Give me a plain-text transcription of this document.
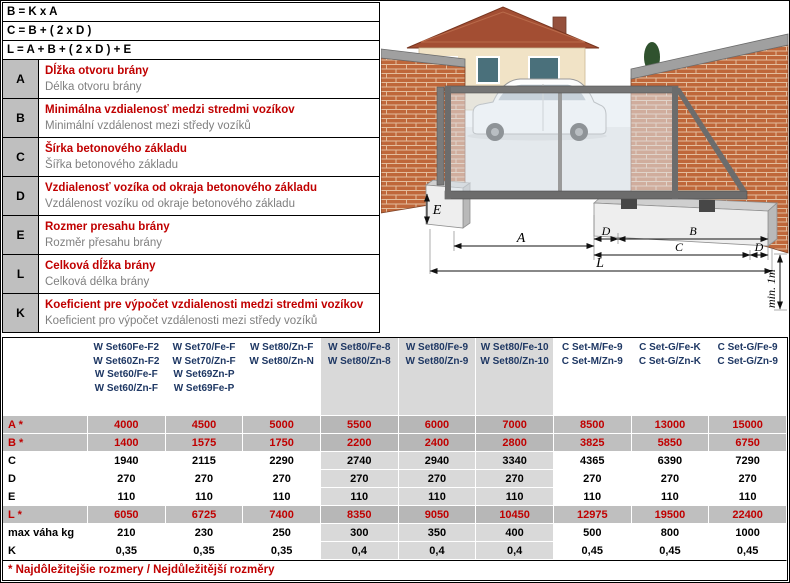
B = K x A	
C = B + ( 2 x D )	
L = A + B + ( 2 x D ) + E	
A	Dĺžka otvoru brány
Délka otvoru brány

B	Minimálna vzdialenosť medzi stredmi vozíkov
Minimální vzdálenost mezi středy vozíků

C	Šírka betonového základu
Šířka betonového základu

D	Vzdialenosť vozíka od okraja betonového základu
Vzdálenost vozíku od okraje betonového základu

E	Rozmer presahu brány
Rozměr přesahu brány

L	Celková dĺžka brány
Celková délka brány

K	Koeficient pre výpočet vzdialenosti medzi stredmi vozíkov
Koeficient pro výpočet vzdálenosti mezi středy vozíků
E
A	D	B
C	D
L
min. 1m

W Set60Fe-F2
W Set60Zn-F2
W Set60/Fe-F
W Set60/Zn-F

W Set70/Fe-F
W Set70/Zn-F
W Set69Zn-P
W Set69Fe-P

W Set80/Zn-F
W Set80/Zn-N

W Set80/Fe-8
W Set80/Zn-8

W Set80/Fe-9
W Set80/Zn-9

W Set80/Fe-10
W Set80/Zn-10

C Set-M/Fe-9
C Set-M/Zn-9

C Set-G/Fe-K
C Set-G/Zn-K

C Set-G/Fe-9
C Set-G/Zn-9

A *	4000	4500	5000	5500	6000	7000	8500	13000	15000
B *	1400	1575	1750	2200	2400	2800	3825	5850	6750
C	1940	2115	2290	2740	2940	3340	4365	6390	7290
D	270	270	270	270	270	270	270	270	270
E	110	110	110	110	110	110	110	110	110
L *	6050	6725	7400	8350	9050	10450	12975	19500	22400
max váha kg	210	230	250	300	350	400	500	800	1000
K	0,35	0,35	0,35	0,4	0,4	0,4	0,45	0,45	0,45
* Najdôležitejšie rozmery / Nejdůležitější rozměry									
